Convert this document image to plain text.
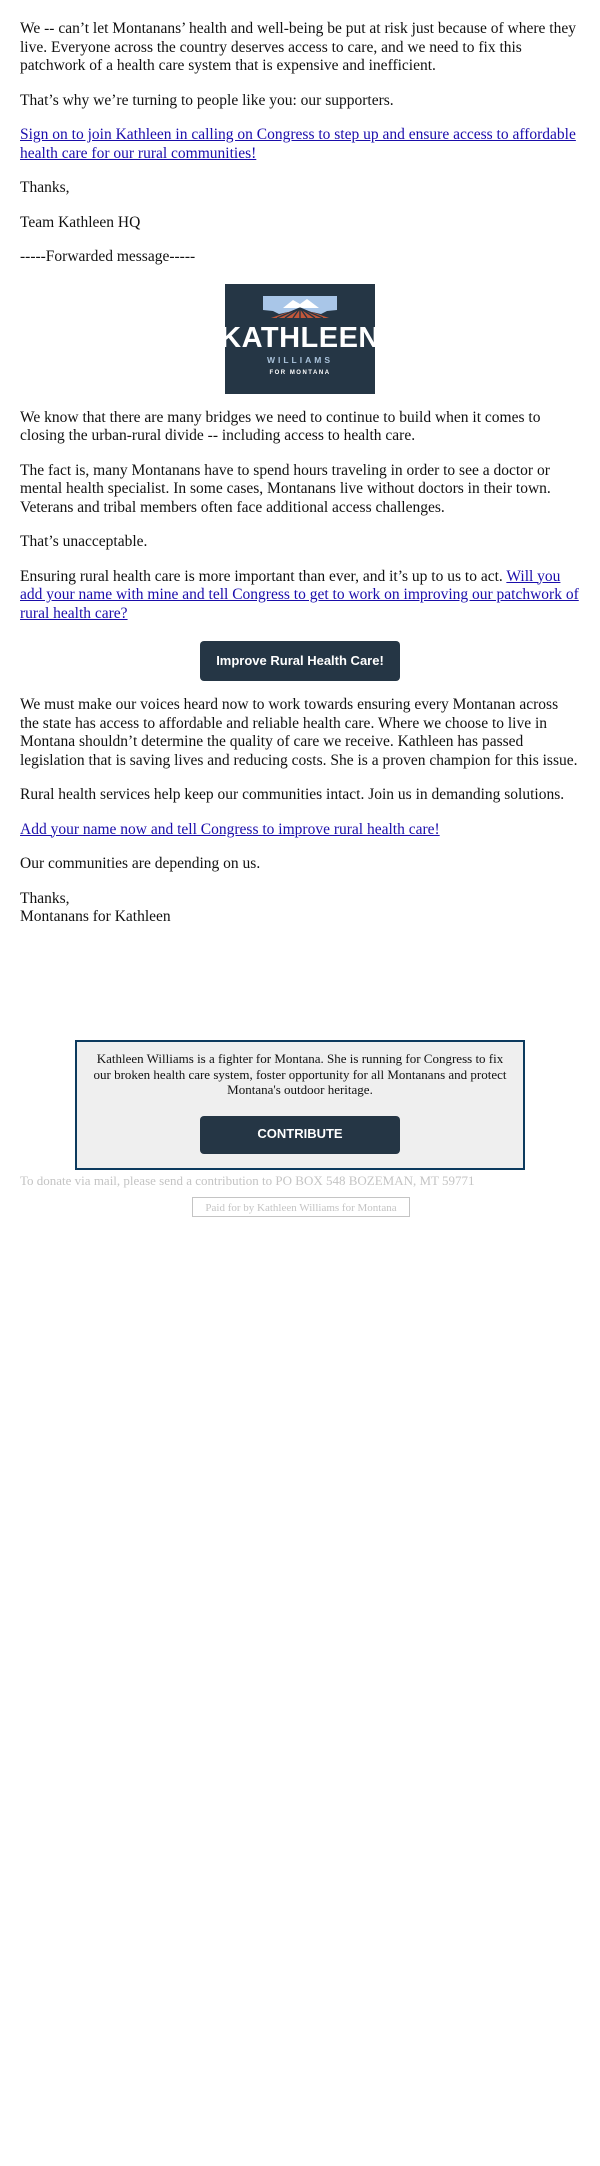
We -- can’t let Montanans’ health and well-being be put at risk just because of where they live. Everyone across the country deserves access to care, and we need to fix this patchwork of a health care system that is expensive and inefficient.

That’s why we’re turning to people like you: our supporters.

Sign on to join Kathleen in calling on Congress to step up and ensure access to affordable health care for our rural communities!

Thanks,

Team Kathleen HQ

-----Forwarded message-----

KATHLEEN
WILLIAMS
FOR MONTANA

We know that there are many bridges we need to continue to build when it comes to closing the urban-rural divide -- including access to health care.

The fact is, many Montanans have to spend hours traveling in order to see a doctor or mental health specialist. In some cases, Montanans live without doctors in their town. Veterans and tribal members often face additional access challenges.

That’s unacceptable.

Ensuring rural health care is more important than ever, and it’s up to us to act. Will you add your name with mine and tell Congress to get to work on improving our patchwork of rural health care?

Improve Rural Health Care!

We must make our voices heard now to work towards ensuring every Montanan across the state has access to affordable and reliable health care. Where we choose to live in Montana shouldn’t determine the quality of care we receive. Kathleen has passed legislation that is saving lives and reducing costs. She is a proven champion for this issue.

Rural health services help keep our communities intact. Join us in demanding solutions.

Add your name now and tell Congress to improve rural health care!

Our communities are depending on us.

Thanks,

Montanans for Kathleen

Kathleen Williams is a fighter for Montana. She is running for Congress to fix our broken health care system, foster opportunity for all Montanans and protect Montana's outdoor heritage.

CONTRIBUTE

To donate via mail, please send a contribution to PO BOX 548 BOZEMAN, MT 59771

Paid for by Kathleen Williams for Montana
